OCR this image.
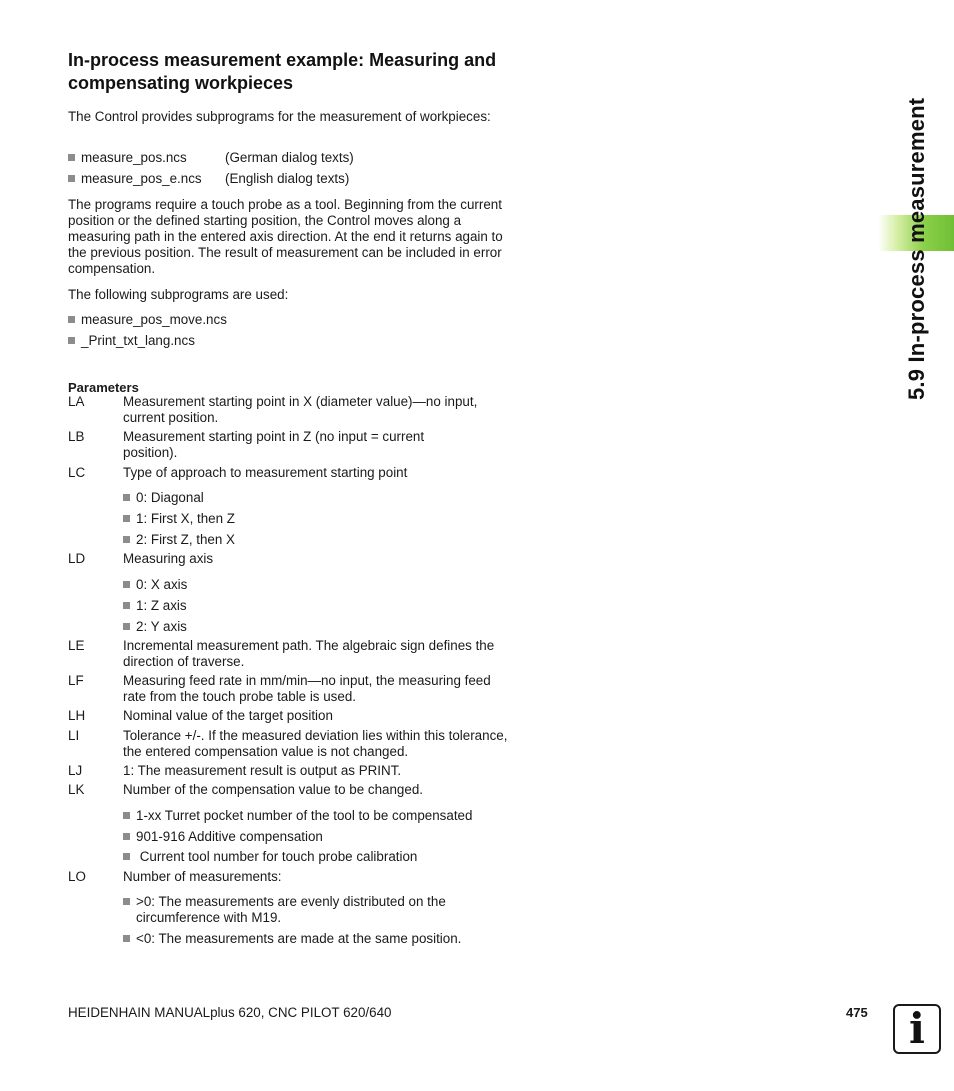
In-process measurement example: Measuring and compensating workpieces

The Control provides subprograms for the measurement of workpieces:

measure_pos.ncs	(German dialog texts)
measure_pos_e.ncs (English dialog texts)

The programs require a touch probe as a tool. Beginning from the current position or the defined starting position, the Control moves along a measuring path in the entered axis direction. At the end it returns again to the previous position. The result of measurement can be included in error compensation.

The following subprograms are used:

measure_pos_move.ncs
_Print_txt_lang.ncs

Parameters

LA	Measurement starting point in X (diameter value)—no input, current position.
LB	Measurement starting point in Z (no input = current position).
LC	Type of approach to measurement starting point
0: Diagonal
1: First X, then Z
2: First Z, then X
LD	Measuring axis
0: X axis
1: Z axis
2: Y axis
LE	Incremental measurement path. The algebraic sign defines the direction of traverse.
LF	Measuring feed rate in mm/min—no input, the measuring feed rate from the touch probe table is used.
LH	Nominal value of the target position
LI	Tolerance +/-. If the measured deviation lies within this tolerance, the entered compensation value is not changed.
LJ	1: The measurement result is output as PRINT.
LK	Number of the compensation value to be changed.
1-xx Turret pocket number of the tool to be compensated
901-916 Additive compensation
Current tool number for touch probe calibration
LO	Number of measurements:
>0: The measurements are evenly distributed on the circumference with M19.
<0: The measurements are made at the same position.
5.9 In-process measurement
HEIDENHAIN MANUALplus 620, CNC PILOT 620/640	475 i
